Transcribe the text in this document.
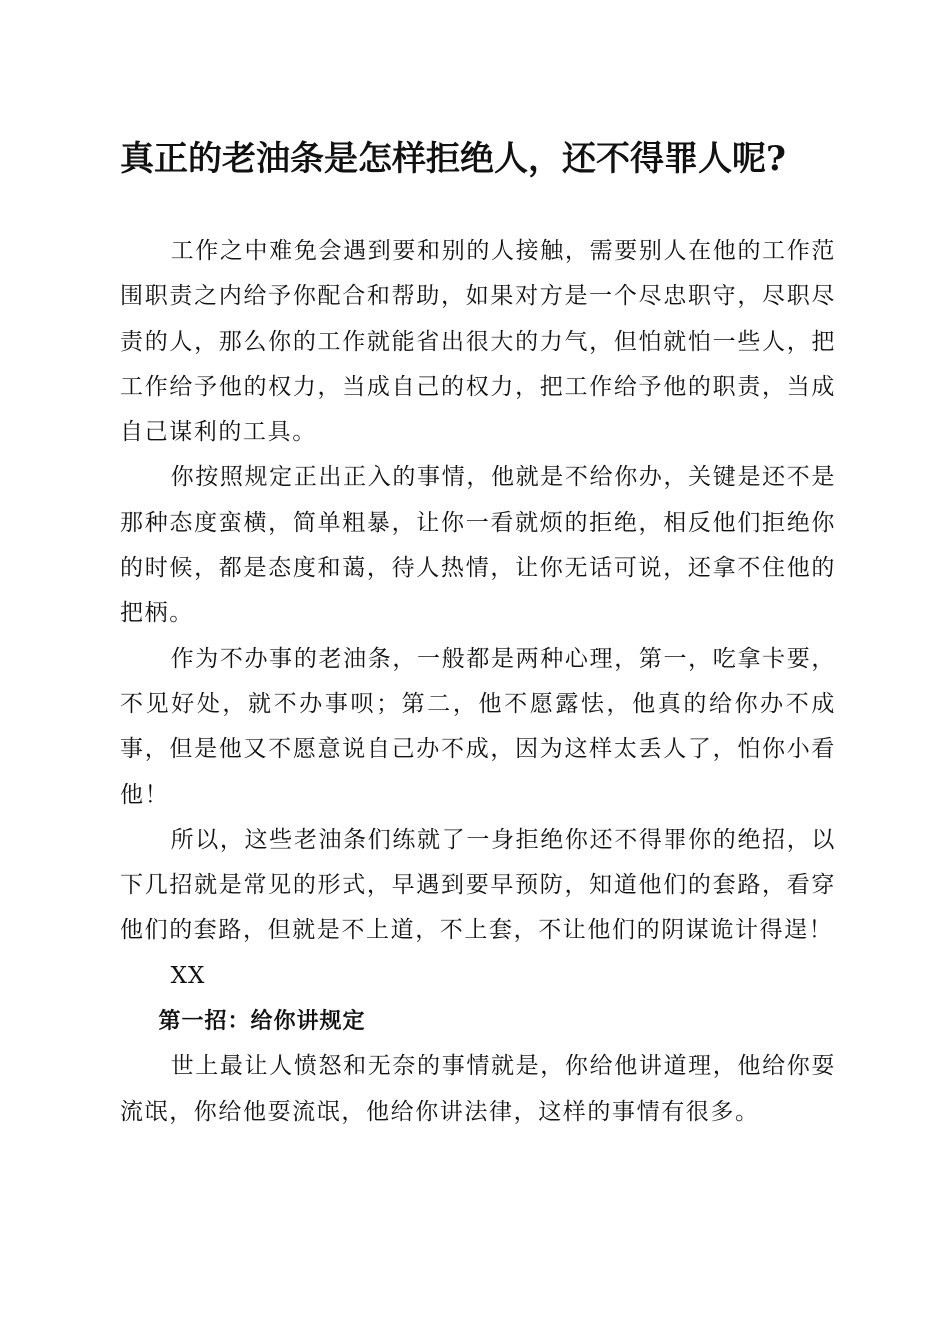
真正的老油条是怎样拒绝人，还不得罪人呢?

工作之中难免会遇到要和别的人接触，需要别人在他的工作范围职责之内给予你配合和帮助，如果对方是一个尽忠职守，尽职尽责的人，那么你的工作就能省出很大的力气，但怕就怕一些人，把工作给予他的权力，当成自己的权力，把工作给予他的职责，当成自己谋利的工具。

你按照规定正出正入的事情，他就是不给你办，关键是还不是那种态度蛮横，简单粗暴，让你一看就烦的拒绝，相反他们拒绝你的时候，都是态度和蔼，待人热情，让你无话可说，还拿不住他的把柄。

作为不办事的老油条，一般都是两种心理，第一，吃拿卡要，不见好处，就不办事呗；第二，他不愿露怯，他真的给你办不成事，但是他又不愿意说自己办不成，因为这样太丢人了，怕你小看他！

所以，这些老油条们练就了一身拒绝你还不得罪你的绝招，以下几招就是常见的形式，早遇到要早预防，知道他们的套路，看穿他们的套路，但就是不上道，不上套，不让他们的阴谋诡计得逞！

XX

第一招：给你讲规定

世上最让人愤怒和无奈的事情就是，你给他讲道理，他给你耍流氓，你给他耍流氓，他给你讲法律，这样的事情有很多。
